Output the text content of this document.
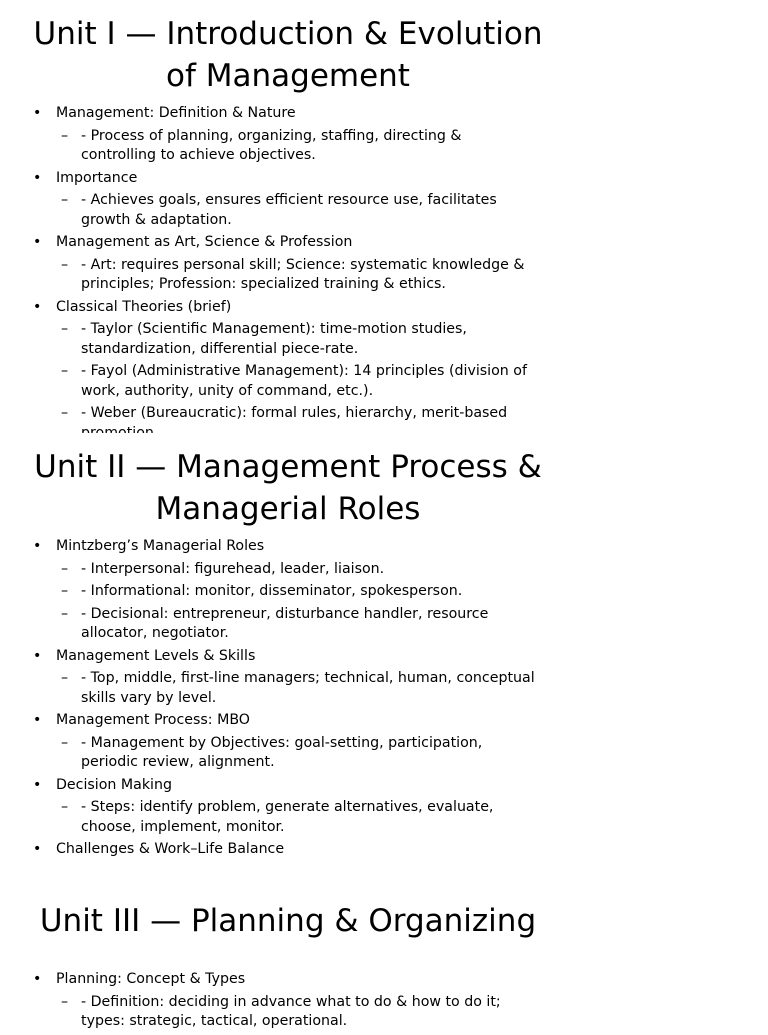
Unit I — Introduction & Evolution of Management
• Management: Definition & Nature
– - Process of planning, organizing, staffing, directing & controlling to achieve objectives.
• Importance
– - Achieves goals, ensures efficient resource use, facilitates growth & adaptation.
• Management as Art, Science & Profession
– - Art: requires personal skill; Science: systematic knowledge & principles; Profession: specialized training & ethics.
• Classical Theories (brief)
– - Taylor (Scientific Management): time-motion studies, standardization, differential piece-rate.
– - Fayol (Administrative Management): 14 principles (division of work, authority, unity of command, etc.).
– - Weber (Bureaucratic): formal rules, hierarchy, merit-based
Unit II — Management Process & Managerial Roles
• Mintzberg’s Managerial Roles
– - Interpersonal: figurehead, leader, liaison.
– - Informational: monitor, disseminator, spokesperson.
– - Decisional: entrepreneur, disturbance handler, resource allocator, negotiator.
• Management Levels & Skills
– - Top, middle, first-line managers; technical, human, conceptual skills vary by level.
• Management Process: MBO
– - Management by Objectives: goal-setting, participation, periodic review, alignment.
• Decision Making
– - Steps: identify problem, generate alternatives, evaluate, choose, implement, monitor.
• Challenges & Work–Life Balance
Unit III — Planning & Organizing
• Planning: Concept & Types
– - Definition: deciding in advance what to do & how to do it; types: strategic, tactical, operational.
